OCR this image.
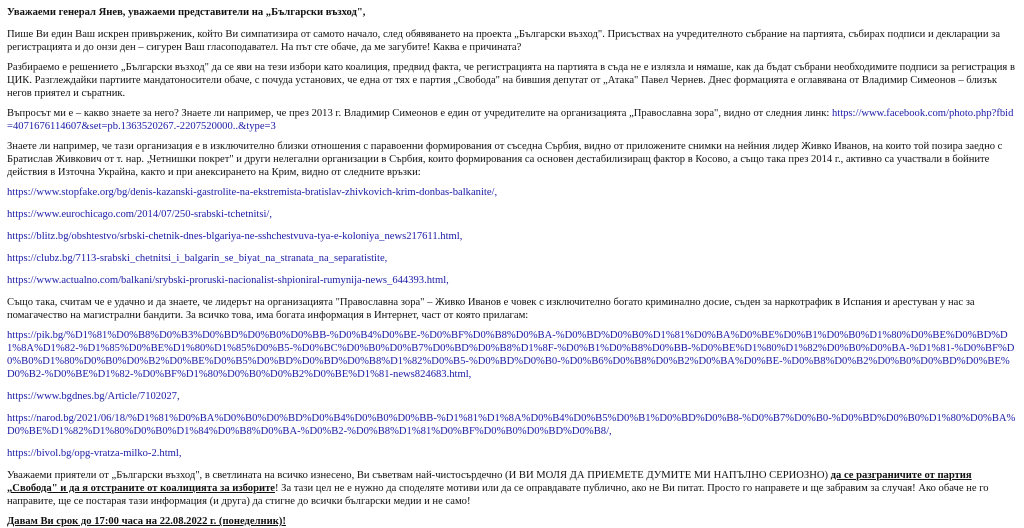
Уважаеми генерал Янев, уважаеми представители на „Български възход",

Пише Ви един Ваш искрен привърженик, който Ви симпатизира от самото начало, след обявяването на проекта „Български възход". Присъствах на учредителното събрание на партията, събирах подписи и декларации за регистрацията и до онзи ден – сигурен Ваш гласоподавател. На път сте обаче, да ме загубите! Каква е причината?

Разбираемо е решението „Български възход" да се яви на тези избори като коалиция, предвид факта, че регистрацията на партията в съда не е излязла и нямаше, как да бъдат събрани необходимите подписи за регистрация в ЦИК. Разглеждайки партиите мандатоносители обаче, с почуда установих, че една от тях е партия „Свобода" на бившия депутат от „Атака" Павел Чернев. Днес формацията е оглавявана от Владимир Симеонов – близък негов приятел и съратник.

Въпросът ми е – какво знаете за него? Знаете ли например, че през 2013 г. Владимир Симеонов е един от учредителите на организацията „Православна зора", видно от следния линк: https://www.facebook.com/photo.php?fbid=4071676114607&set=pb.1363520267.-2207520000..&type=3

Знаете ли например, че тази организация е в изключително близки отношения с паравоенни формирования от съседна Сърбия, видно от приложените снимки на нейния лидер Живко Иванов, на които той позира заедно с Братислав Живкович от т. нар. „Четнишки покрет" и други нелегални организации в Сърбия, които формирования са основен дестабилизиращ фактор в Косово, а също така през 2014 г., активно са участвали в бойните действия в Източна Украйна, както и при анексирането на Крим, видно от следните връзки:

https://www.stopfake.org/bg/denis-kazanski-gastrolite-na-ekstremista-bratislav-zhivkovich-krim-donbas-balkanite/,

https://www.eurochicago.com/2014/07/250-srabski-tchetnitsi/,

https://blitz.bg/obshtestvo/srbski-chetnik-dnes-blgariya-ne-sshchestvuva-tya-e-koloniya_news217611.html,

https://clubz.bg/7113-srabski_chetnitsi_i_balgarin_se_biyat_na_stranata_na_separatistite,

https://www.actualno.com/balkani/srybski-proruski-nacionalist-shpioniral-rumynija-news_644393.html,

Също така, считам че е удачно и да знаете, че лидерът на организацията "Православна зора" – Живко Иванов е човек с изключително богато криминално досие, съден за наркотрафик в Испания и арестуван у нас за помагачество на магистрални бандити. За всичко това, има богата информация в Интернет, част от която прилагам:

https://pik.bg/%D1%81%D0%B8%D0%B3%D0%BD%D0%B0%D0%BB-%D0%B4%D0%BE-%D0%BF%D0%B8%D0%BA-%D0%BD%D0%B0%D1%81%D0%BA%D0%BE%D0%B1%D0%B0%D1%80%D0%BE%D0%BD%D1%8A%D1%82-%D1%85%D0%BE%D1%80%D1%85%D0%B5-%D0%BC%D0%B0%D0%B7%D0%BD%D0%B8%D1%8F-%D0%B1%D0%B8%D0%BB-%D0%BE%D1%80%D1%82%D0%B0%D0%BA-%D1%81-%D0%BF%D0%B0%D1%80%D0%B0%D0%B2%D0%BE%D0%B5%D0%BD%D0%BD%D0%B8%D1%82%D0%B5-%D0%BD%D0%B0-%D0%B6%D0%B8%D0%B2%D0%BA%D0%BE-%D0%B8%D0%B2%D0%B0%D0%BD%D0%BE%D0%B2-%D0%BE%D1%82-%D0%BF%D1%80%D0%B0%D0%B2%D0%BE%D1%81-news824683.html,

https://www.bgdnes.bg/Article/7102027,

https://narod.bg/2021/06/18/%D1%81%D0%BA%D0%B0%D0%BD%D0%B4%D0%B0%D0%BB-%D1%81%D1%8A%D0%B4%D0%B5%D0%B1%D0%BD%D0%B8-%D0%B7%D0%B0-%D0%BD%D0%B0%D1%80%D0%BA%D0%BE%D1%82%D1%80%D0%B0%D1%84%D0%B8%D0%BA-%D0%B2-%D0%B8%D1%81%D0%BF%D0%B0%D0%BD%D0%B8/,

https://bivol.bg/opg-vratza-milko-2.html,

Уважаеми приятели от „Български възход", в светлината на всичко изнесено, Ви съветвам най-чистосърдечно (И ВИ МОЛЯ ДА ПРИЕМЕТЕ ДУМИТЕ МИ НАПЪЛНО СЕРИОЗНО) да се разграничите от партия „Свобода" и да я отстраните от коалицията за изборите! За тази цел не е нужно да споделяте мотиви или да се оправдавате публично, ако не Ви питат. Просто го направете и ще забравим за случая! Ако обаче не го направите, ще се постарая тази информация (и друга) да стигне до всички български медии и не само!

Давам Ви срок до 17:00 часа на 22.08.2022 г. (понеделник)!
